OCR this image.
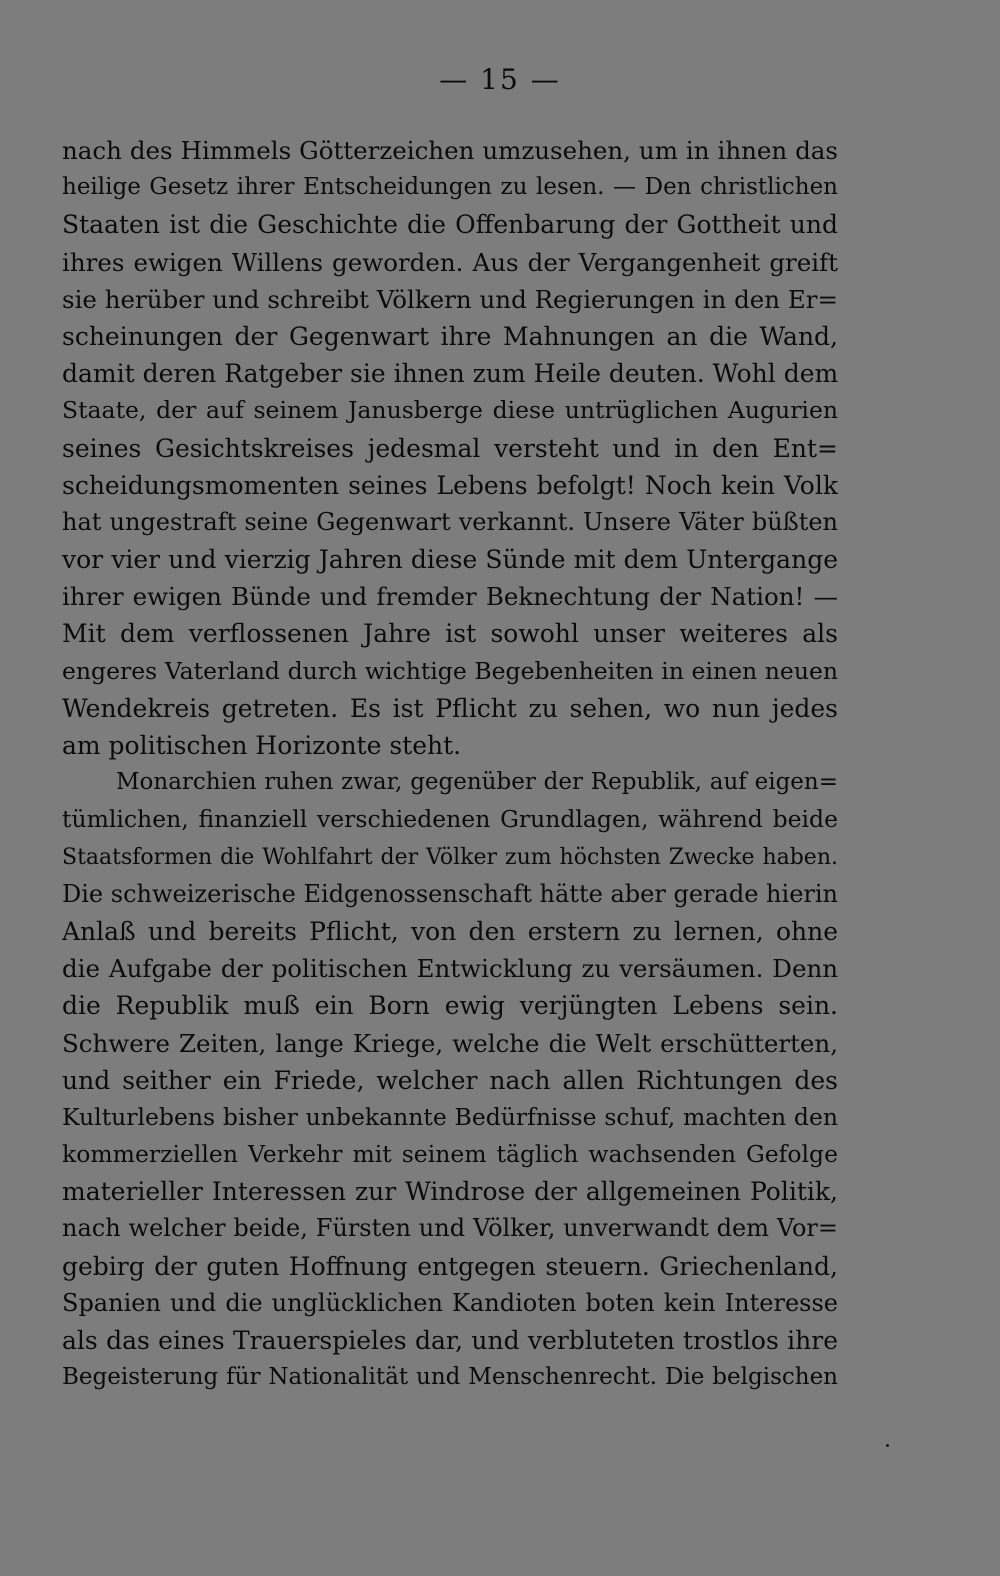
— 15 —
nach des Himmels Götterzeichen umzusehen, um in ihnen das
heilige Gesetz ihrer Entscheidungen zu lesen. — Den christlichen
Staaten ist die Geschichte die Offenbarung der Gottheit und
ihres ewigen Willens geworden. Aus der Vergangenheit greift
sie herüber und schreibt Völkern und Regierungen in den Er=
scheinungen der Gegenwart ihre Mahnungen an die Wand,
damit deren Ratgeber sie ihnen zum Heile deuten. Wohl dem
Staate, der auf seinem Janusberge diese untrüglichen Augurien
seines Gesichtskreises jedesmal versteht und in den Ent=
scheidungsmomenten seines Lebens befolgt! Noch kein Volk
hat ungestraft seine Gegenwart verkannt. Unsere Väter büßten
vor vier und vierzig Jahren diese Sünde mit dem Untergange
ihrer ewigen Bünde und fremder Beknechtung der Nation! —
Mit dem verflossenen Jahre ist sowohl unser weiteres als
engeres Vaterland durch wichtige Begebenheiten in einen neuen
Wendekreis getreten. Es ist Pflicht zu sehen, wo nun jedes
am politischen Horizonte steht.
Monarchien ruhen zwar, gegenüber der Republik, auf eigen=
tümlichen, finanziell verschiedenen Grundlagen, während beide
Staatsformen die Wohlfahrt der Völker zum höchsten Zwecke haben.
Die schweizerische Eidgenossenschaft hätte aber gerade hierin
Anlaß und bereits Pflicht, von den erstern zu lernen, ohne
die Aufgabe der politischen Entwicklung zu versäumen. Denn
die Republik muß ein Born ewig verjüngten Lebens sein.
Schwere Zeiten, lange Kriege, welche die Welt erschütterten,
und seither ein Friede, welcher nach allen Richtungen des
Kulturlebens bisher unbekannte Bedürfnisse schuf, machten den
kommerziellen Verkehr mit seinem täglich wachsenden Gefolge
materieller Interessen zur Windrose der allgemeinen Politik,
nach welcher beide, Fürsten und Völker, unverwandt dem Vor=
gebirg der guten Hoffnung entgegen steuern. Griechenland,
Spanien und die unglücklichen Kandioten boten kein Interesse
als das eines Trauerspieles dar, und verbluteten trostlos ihre
Begeisterung für Nationalität und Menschenrecht. Die belgischen
